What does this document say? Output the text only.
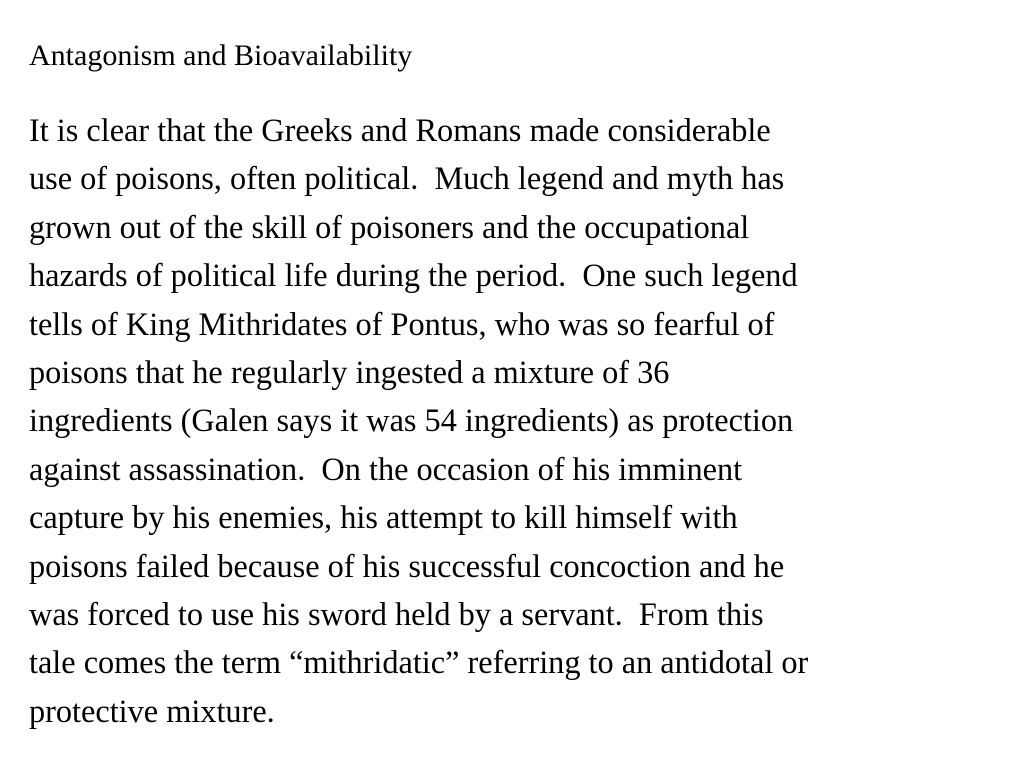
Antagonism and Bioavailability
It is clear that the Greeks and Romans made considerable
use of poisons, often political.  Much legend and myth has
grown out of the skill of poisoners and the occupational
hazards of political life during the period.  One such legend
tells of King Mithridates of Pontus, who was so fearful of
poisons that he regularly ingested a mixture of 36
ingredients (Galen says it was 54 ingredients) as protection
against assassination.  On the occasion of his imminent
capture by his enemies, his attempt to kill himself with
poisons failed because of his successful concoction and he
was forced to use his sword held by a servant.  From this
tale comes the term “mithridatic” referring to an antidotal or
protective mixture.
